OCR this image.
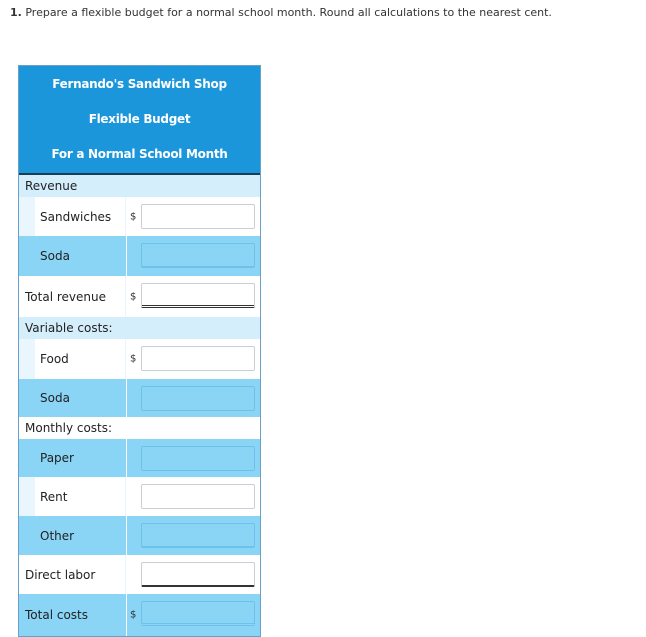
1. Prepare a flexible budget for a normal school month. Round all calculations to the nearest cent.
Fernando's Sandwich Shop
Flexible Budget
For a Normal School Month
Revenue
Sandwiches $
Soda
Total revenue $
Variable costs:
Food	$
Soda
Monthly costs:
Paper
Rent
Other
Direct labor
Total costs	$
